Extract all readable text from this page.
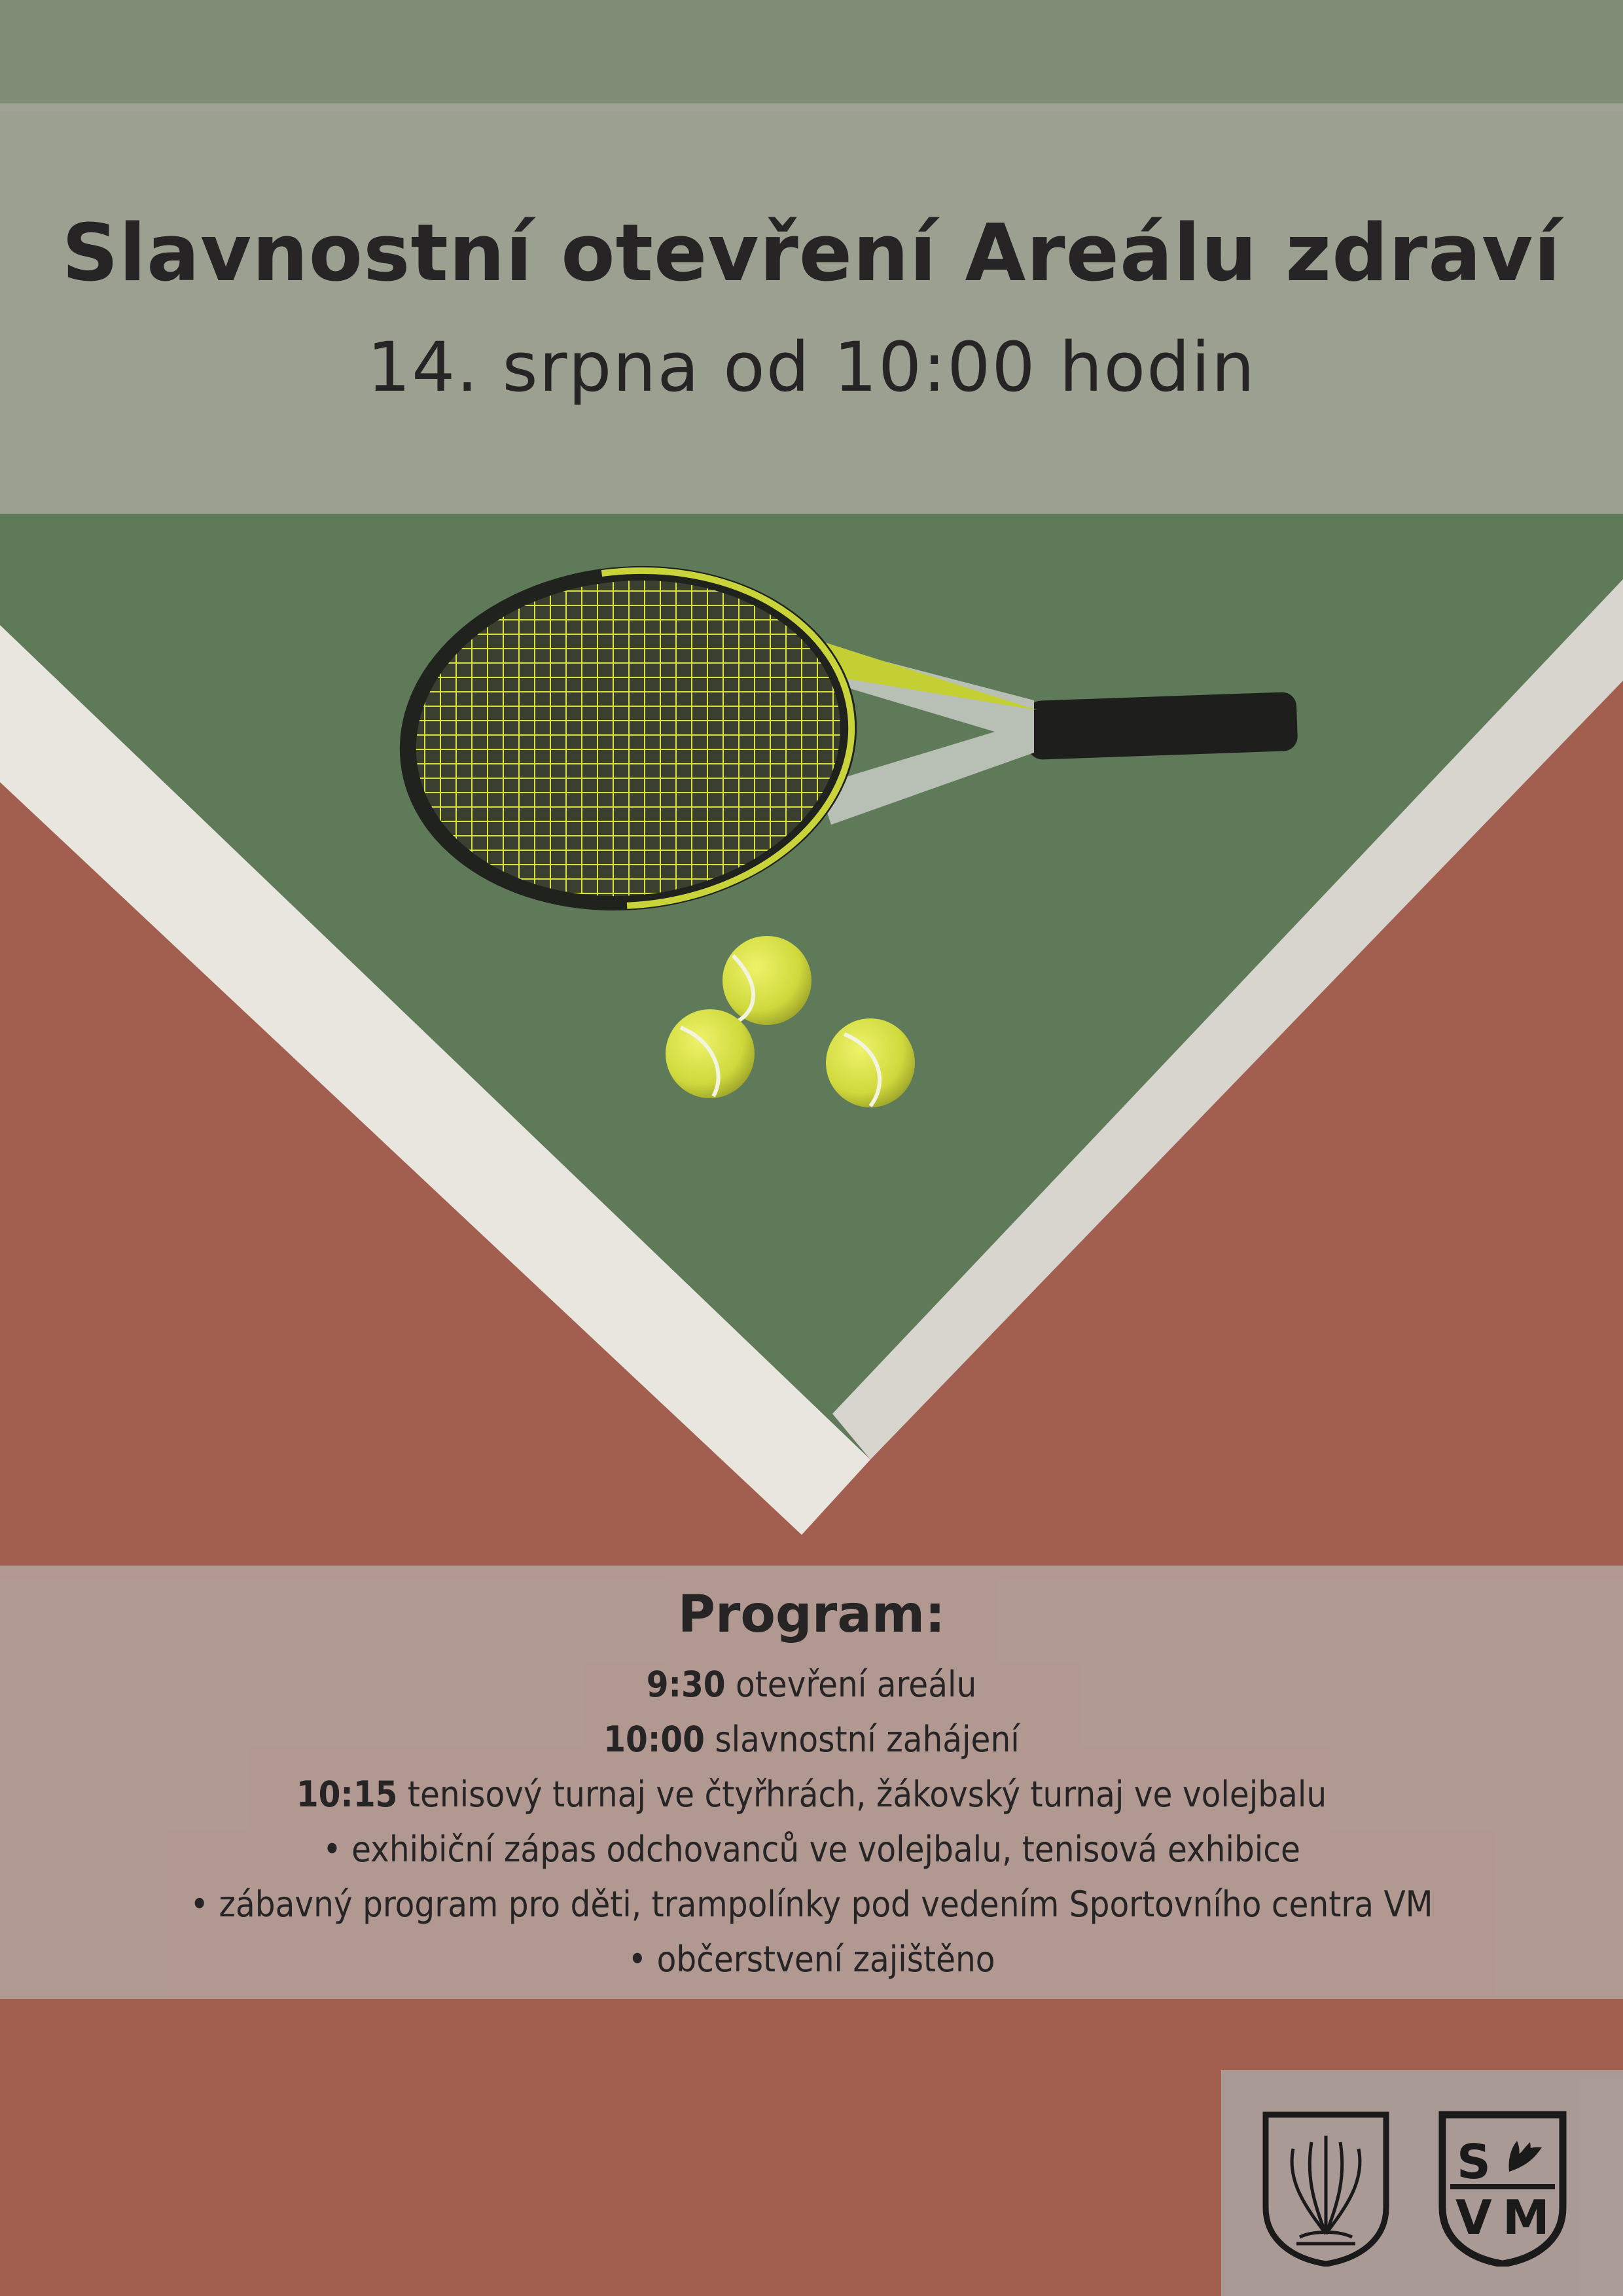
Slavnostní otevření Areálu zdraví
14. srpna od 10:00 hodin
Program:
9:30 otevření areálu
10:00 slavnostní zahájení
10:15 tenisový turnaj ve čtyřhrách, žákovský turnaj ve volejbalu
• exhibiční zápas odchovanců ve volejbalu, tenisová exhibice
• zábavný program pro děti, trampolínky pod vedením Sportovního centra VM
• občerstvení zajištěno
S
V M
